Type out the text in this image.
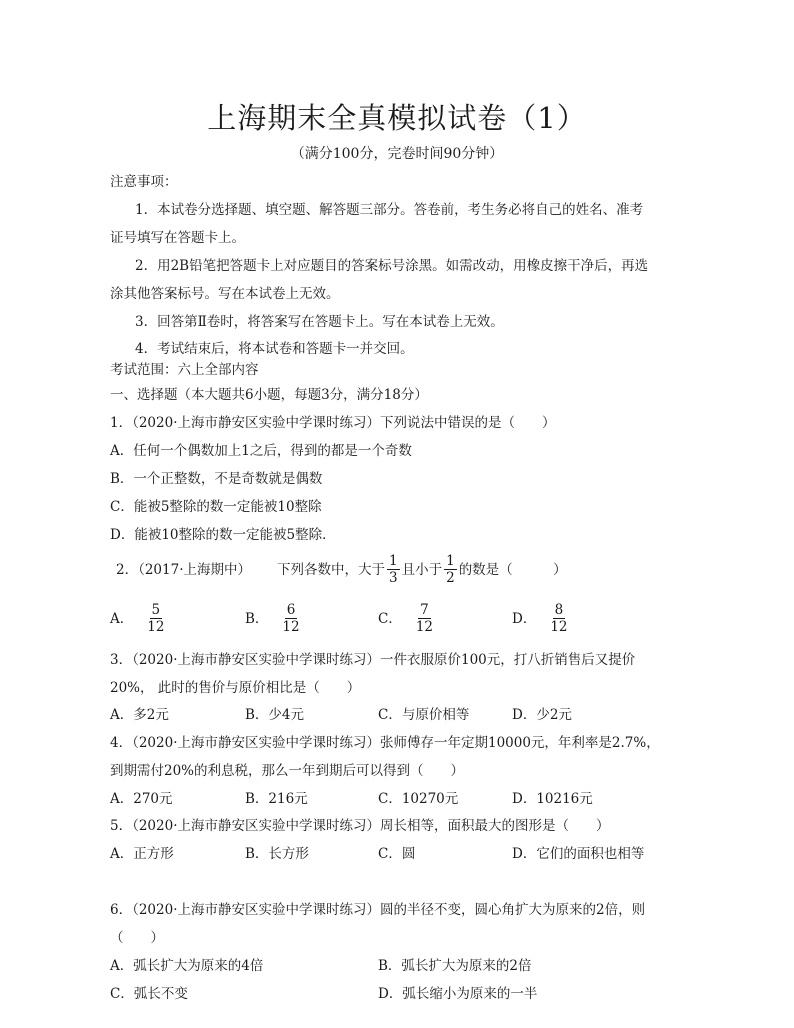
上海期末全真模拟试卷（1）
（满分100分，完卷时间90分钟）
注意事项：
1．本试卷分选择题、填空题、解答题三部分。答卷前，考生务必将自己的姓名、准考
证号填写在答题卡上。
2．用2B铅笔把答题卡上对应题目的答案标号涂黑。如需改动，用橡皮擦干净后，再选
涂其他答案标号。写在本试卷上无效。
3．回答第Ⅱ卷时，将答案写在答题卡上。写在本试卷上无效。
4．考试结束后，将本试卷和答题卡一并交回。
考试范围：六上全部内容
一、选择题（本大题共6小题，每题3分，满分18分）
1．（2020·上海市静安区实验中学课时练习）下列说法中错误的是（　　）
A．任何一个偶数加上1之后，得到的都是一个奇数
B．一个正整数，不是奇数就是偶数
C．能被5整除的数一定能被10整除
D．能被10整除的数一定能被5整除．
2．（2017·上海期中） 下列各数中，大于 $\frac{1}{3}$ 且小于 $\frac{1}{2}$ 的数是（　　　）
A． $\frac{5}{12}$	B． $\frac{6}{12}$	C． $\frac{7}{12}$	D． $\frac{8}{12}$
3．（2020·上海市静安区实验中学课时练习）一件衣服原价100元，打八折销售后又提价
20%， 此时的售价与原价相比是（　　）
A．多2元	B．少4元	C．与原价相等	D．少2元
4．（2020·上海市静安区实验中学课时练习）张师傅存一年定期10000元，年利率是2.7%，
到期需付20%的利息税，那么一年到期后可以得到（　　）
A．270元	B．216元	C．10270元	D．10216元
5．（2020·上海市静安区实验中学课时练习）周长相等，面积最大的图形是（　　）
A．正方形	B．长方形	C．圆	D．它们的面积也相等
6．（2020·上海市静安区实验中学课时练习）圆的半径不变，圆心角扩大为原来的2倍，则
（　　）
A．弧长扩大为原来的4倍	B．弧长扩大为原来的2倍
C．弧长不变	D．弧长缩小为原来的一半
